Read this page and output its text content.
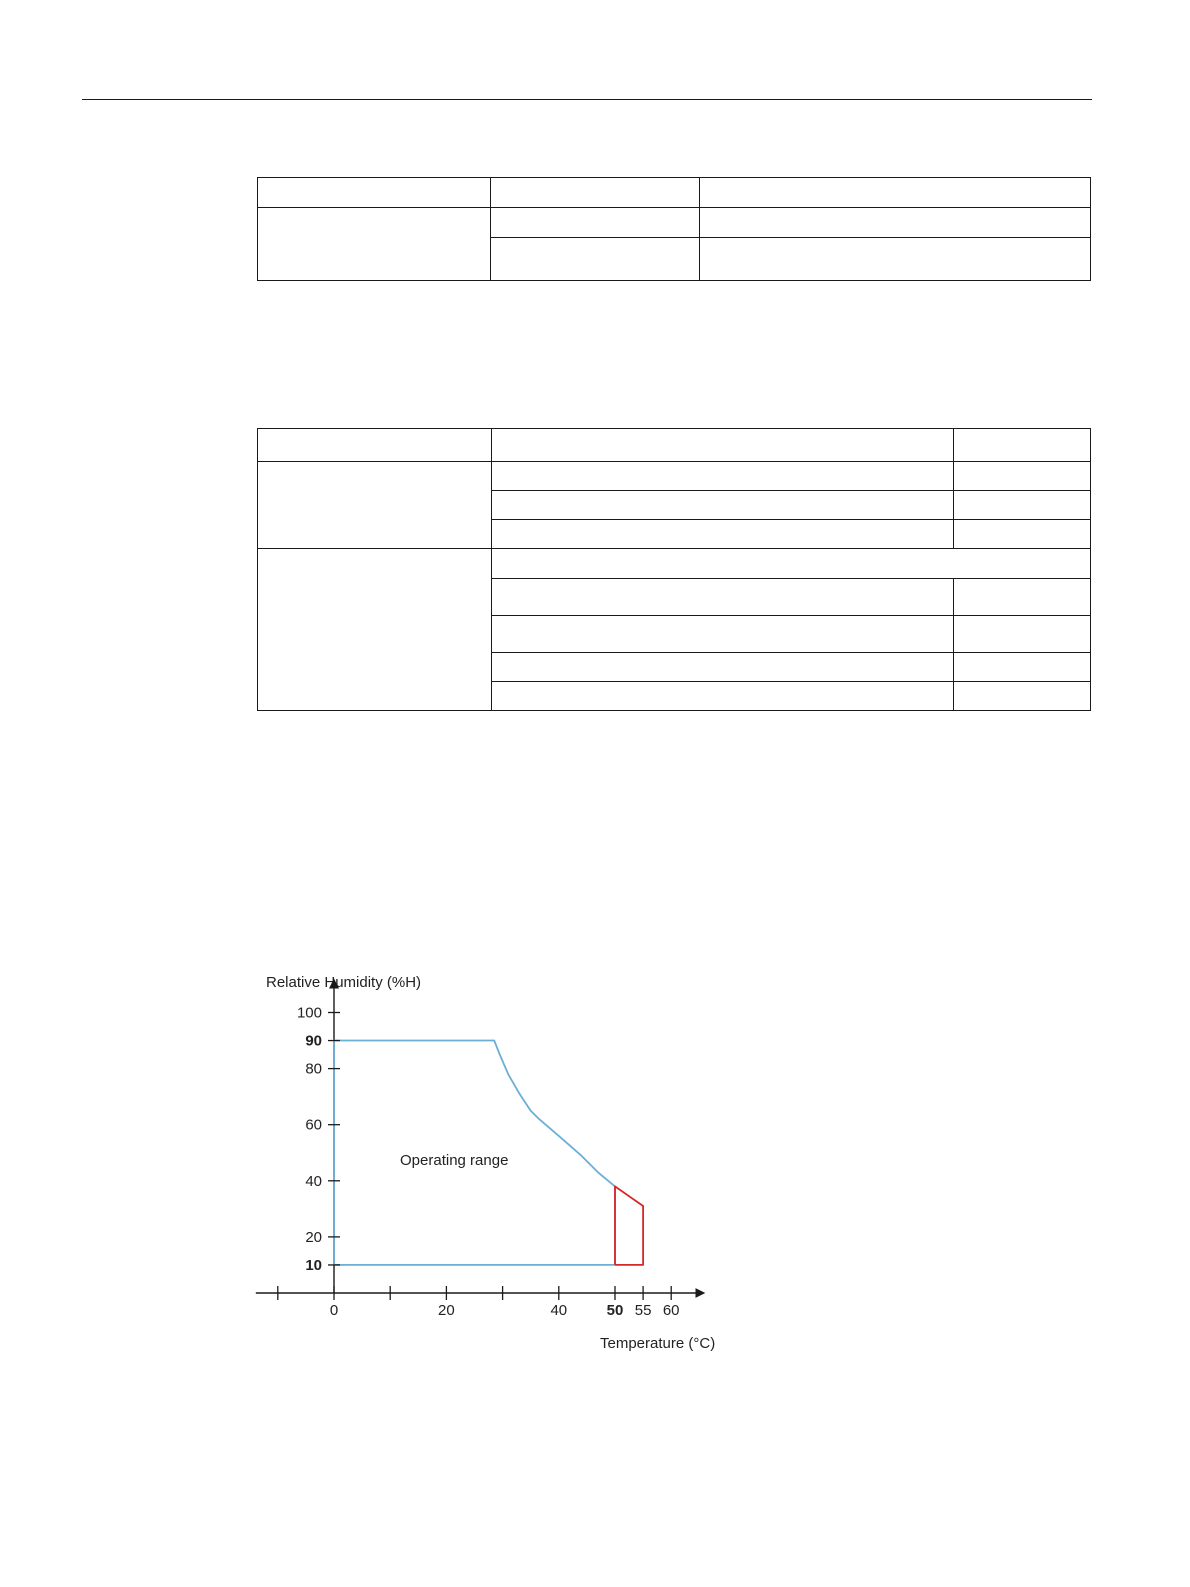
Relative Humidity (%H)
Temperature (°C)
Operating range
0	20	40	50 55 60
10
20
40
60
80
90
100
